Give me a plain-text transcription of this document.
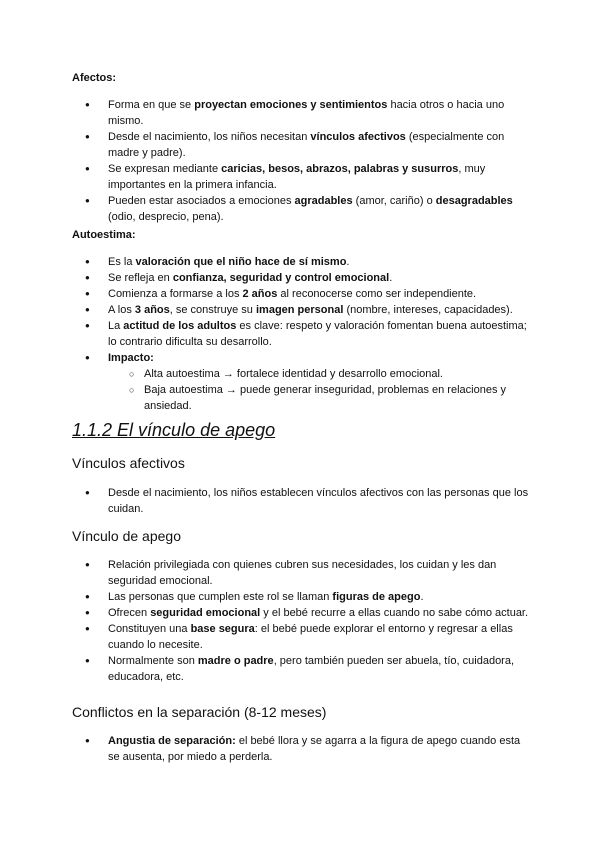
Afectos:

● Forma en que se proyectan emociones y sentimientos hacia otros o hacia uno mismo.
● Desde el nacimiento, los niños necesitan vínculos afectivos (especialmente con madre y padre).
● Se expresan mediante caricias, besos, abrazos, palabras y susurros, muy importantes en la primera infancia.
● Pueden estar asociados a emociones agradables (amor, cariño) o desagradables (odio, desprecio, pena).

Autoestima:

● Es la valoración que el niño hace de sí mismo.
● Se refleja en confianza, seguridad y control emocional.
● Comienza a formarse a los 2 años al reconocerse como ser independiente.
● A los 3 años, se construye su imagen personal (nombre, intereses, capacidades).
● La actitud de los adultos es clave: respeto y valoración fomentan buena autoestima; lo contrario dificulta su desarrollo.
● Impacto:
○ Alta autoestima → fortalece identidad y desarrollo emocional.
○ Baja autoestima → puede generar inseguridad, problemas en relaciones y ansiedad.
1.1.2 El vínculo de apego
Vínculos afectivos
● Desde el nacimiento, los niños establecen vínculos afectivos con las personas que los cuidan.
Vínculo de apego
● Relación privilegiada con quienes cubren sus necesidades, los cuidan y les dan seguridad emocional.
● Las personas que cumplen este rol se llaman figuras de apego.
● Ofrecen seguridad emocional y el bebé recurre a ellas cuando no sabe cómo actuar.
● Constituyen una base segura: el bebé puede explorar el entorno y regresar a ellas cuando lo necesite.
● Normalmente son madre o padre, pero también pueden ser abuela, tío, cuidadora, educadora, etc.
Conflictos en la separación (8-12 meses)
● Angustia de separación: el bebé llora y se agarra a la figura de apego cuando esta se ausenta, por miedo a perderla.
